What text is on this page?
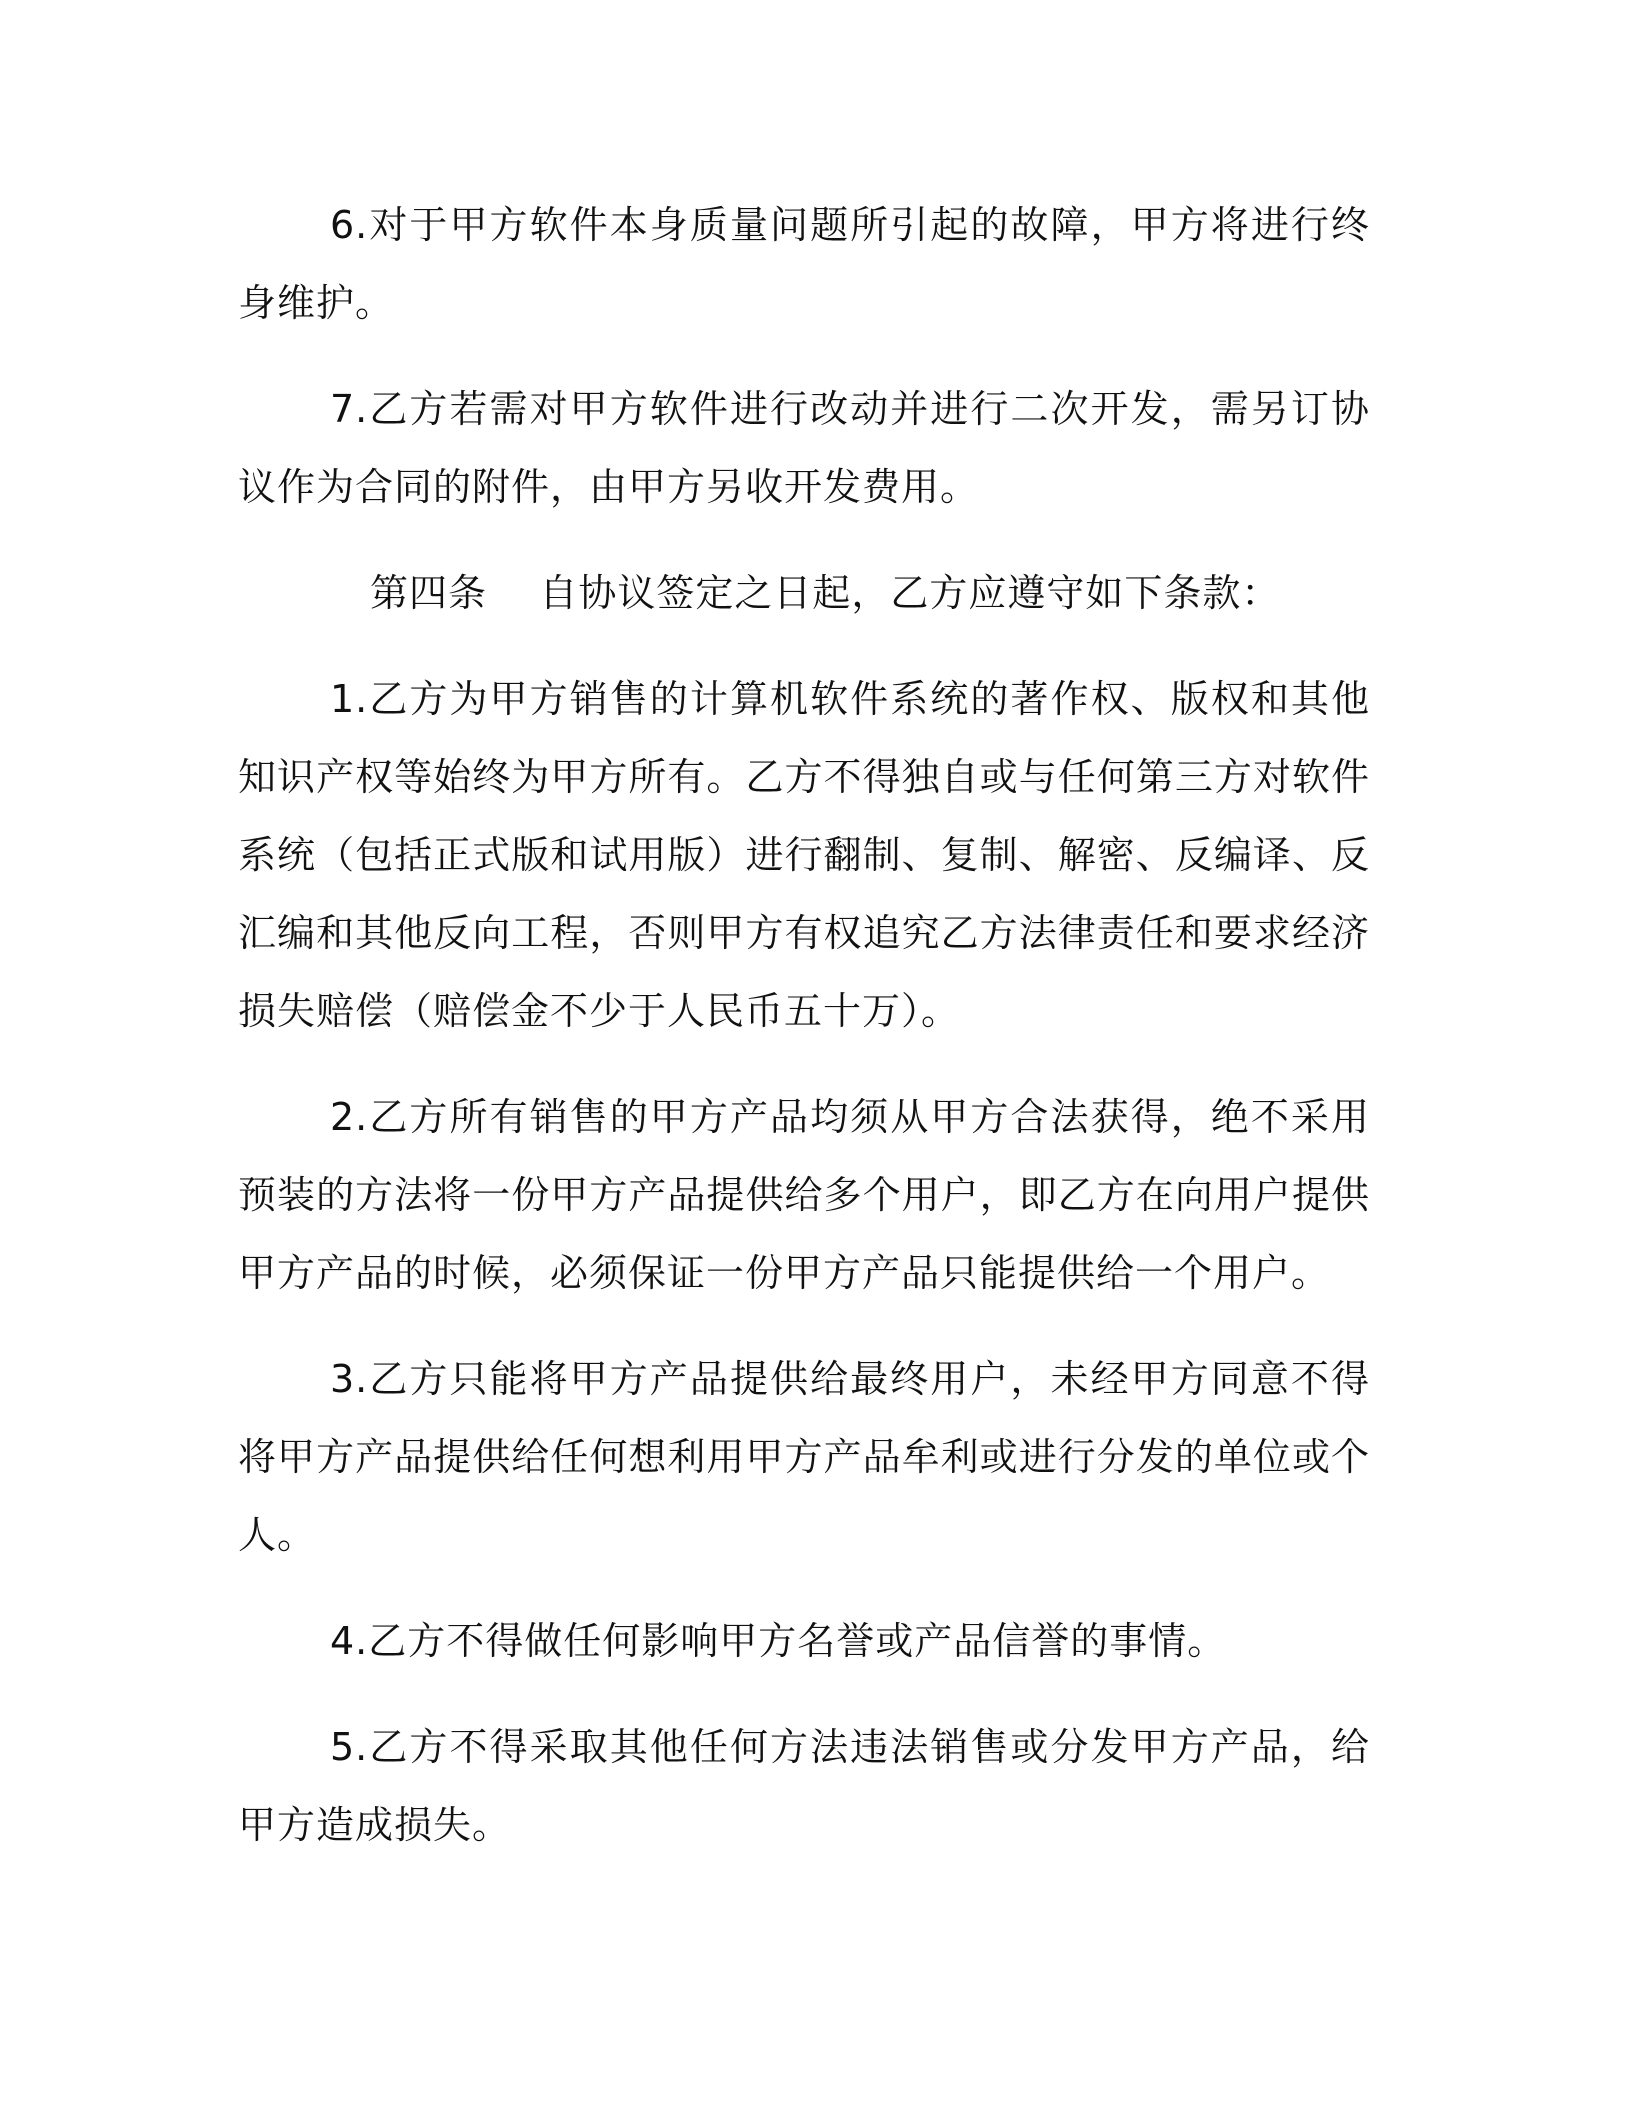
6.对于甲方软件本身质量问题所引起的故障，甲方将进行终身维护。

7.乙方若需对甲方软件进行改动并进行二次开发，需另订协议作为合同的附件，由甲方另收开发费用。

第四条    自协议签定之日起，乙方应遵守如下条款：

1.乙方为甲方销售的计算机软件系统的著作权、版权和其他知识产权等始终为甲方所有。乙方不得独自或与任何第三方对软件系统（包括正式版和试用版）进行翻制、复制、解密、反编译、反汇编和其他反向工程，否则甲方有权追究乙方法律责任和要求经济损失赔偿（赔偿金不少于人民币五十万）。

2.乙方所有销售的甲方产品均须从甲方合法获得，绝不采用预装的方法将一份甲方产品提供给多个用户，即乙方在向用户提供甲方产品的时候，必须保证一份甲方产品只能提供给一个用户。

3.乙方只能将甲方产品提供给最终用户，未经甲方同意不得将甲方产品提供给任何想利用甲方产品牟利或进行分发的单位或个人。

4.乙方不得做任何影响甲方名誉或产品信誉的事情。

5.乙方不得采取其他任何方法违法销售或分发甲方产品，给甲方造成损失。
